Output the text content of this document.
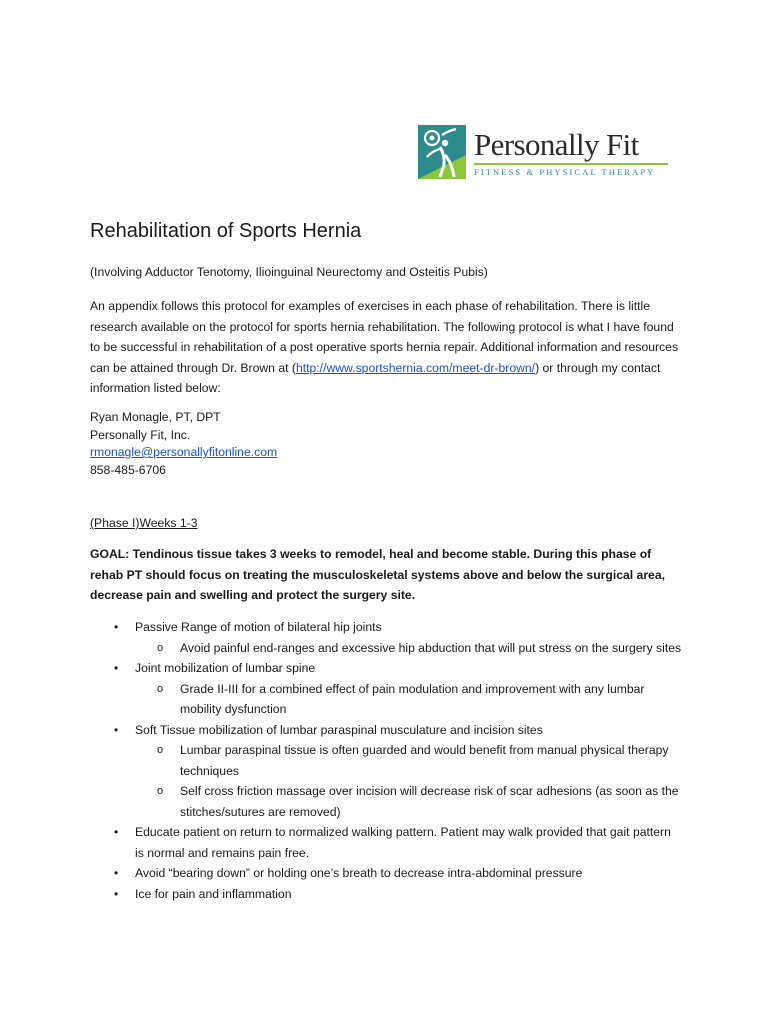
Personally Fit
FITNESS & PHYSICAL THERAPY
Rehabilitation of Sports Hernia
(Involving Adductor Tenotomy, Ilioinguinal Neurectomy and Osteitis Pubis)
An appendix follows this protocol for examples of exercises in each phase of rehabilitation. There is little research available on the protocol for sports hernia rehabilitation. The following protocol is what I have found to be successful in rehabilitation of a post operative sports hernia repair. Additional information and resources can be attained through Dr. Brown at (http://www.sportshernia.com/meet-dr-brown/) or through my contact information listed below:
Ryan Monagle, PT, DPT
Personally Fit, Inc.
rmonagle@personallyfitonline.com
858-485-6706
(Phase I)Weeks 1-3
GOAL: Tendinous tissue takes 3 weeks to remodel, heal and become stable. During this phase of rehab PT should focus on treating the musculoskeletal systems above and below the surgical area, decrease pain and swelling and protect the surgery site.
• Passive Range of motion of bilateral hip joints
o Avoid painful end-ranges and excessive hip abduction that will put stress on the surgery sites
• Joint mobilization of lumbar spine
o Grade II-III for a combined effect of pain modulation and improvement with any lumbar mobility dysfunction
• Soft Tissue mobilization of lumbar paraspinal musculature and incision sites
o Lumbar paraspinal tissue is often guarded and would benefit from manual physical therapy techniques
o Self cross friction massage over incision will decrease risk of scar adhesions (as soon as the stitches/sutures are removed)
• Educate patient on return to normalized walking pattern. Patient may walk provided that gait pattern is normal and remains pain free.
• Avoid “bearing down” or holding one’s breath to decrease intra-abdominal pressure
• Ice for pain and inflammation
